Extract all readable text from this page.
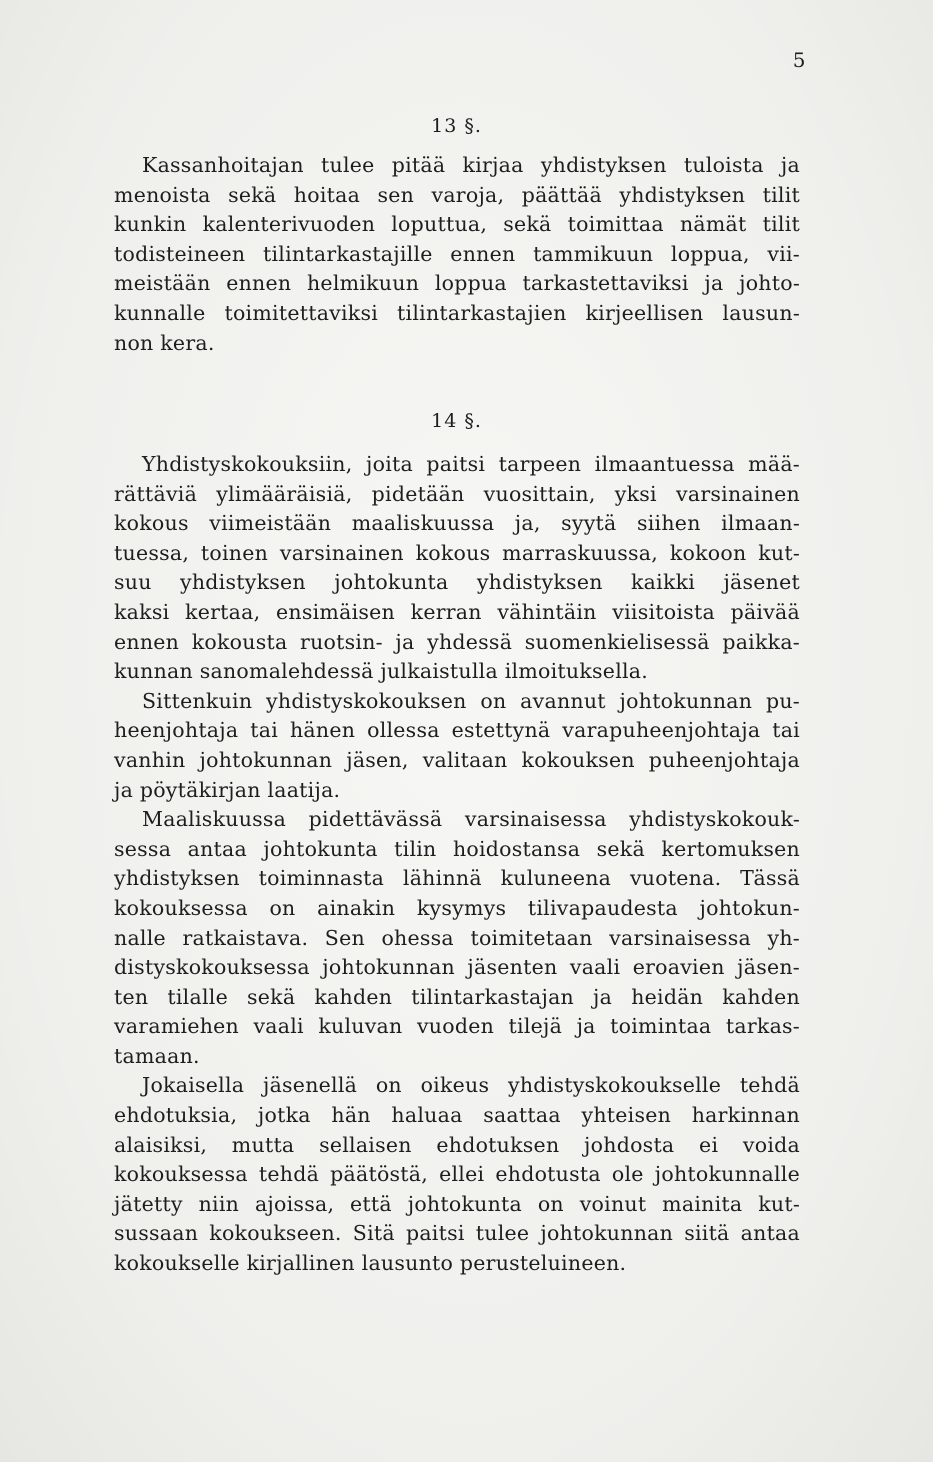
5
13 §.
Kassanhoitajan tulee pitää kirjaa yhdistyksen tuloista ja
menoista sekä hoitaa sen varoja, päättää yhdistyksen tilit
kunkin kalenterivuoden loputtua, sekä toimittaa nämät tilit
todisteineen tilintarkastajille ennen tammikuun loppua, vii-
meistään ennen helmikuun loppua tarkastettaviksi ja johto-
kunnalle toimitettaviksi tilintarkastajien kirjeellisen lausun-
non kera.
14 §.
Yhdistyskokouksiin, joita paitsi tarpeen ilmaantuessa mää-
rättäviä ylimääräisiä, pidetään vuosittain, yksi varsinainen
kokous viimeistään maaliskuussa ja, syytä siihen ilmaan-
tuessa, toinen varsinainen kokous marraskuussa, kokoon kut-
suu yhdistyksen johtokunta yhdistyksen kaikki jäsenet
kaksi kertaa, ensimäisen kerran vähintäin viisitoista päivää
ennen kokousta ruotsin- ja yhdessä suomenkielisessä paikka-
kunnan sanomalehdessä julkaistulla ilmoituksella.
Sittenkuin yhdistyskokouksen on avannut johtokunnan pu-
heenjohtaja tai hänen ollessa estettynä varapuheenjohtaja tai
vanhin johtokunnan jäsen, valitaan kokouksen puheenjohtaja
ja pöytäkirjan laatija.
Maaliskuussa pidettävässä varsinaisessa yhdistyskokouk-
sessa antaa johtokunta tilin hoidostansa sekä kertomuksen
yhdistyksen toiminnasta lähinnä kuluneena vuotena. Tässä
kokouksessa on ainakin kysymys tilivapaudesta johtokun-
nalle ratkaistava. Sen ohessa toimitetaan varsinaisessa yh-
distyskokouksessa johtokunnan jäsenten vaali eroavien jäsen-
ten tilalle sekä kahden tilintarkastajan ja heidän kahden
varamiehen vaali kuluvan vuoden tilejä ja toimintaa tarkas-
tamaan.
Jokaisella jäsenellä on oikeus yhdistyskokoukselle tehdä
ehdotuksia, jotka hän haluaa saattaa yhteisen harkinnan
alaisiksi, mutta sellaisen ehdotuksen johdosta ei voida
kokouksessa tehdä päätöstä, ellei ehdotusta ole johtokunnalle
jätetty niin ajoissa, että johtokunta on voinut mainita kut-
sussaan kokoukseen. Sitä paitsi tulee johtokunnan siitä antaa
kokoukselle kirjallinen lausunto perusteluineen.
